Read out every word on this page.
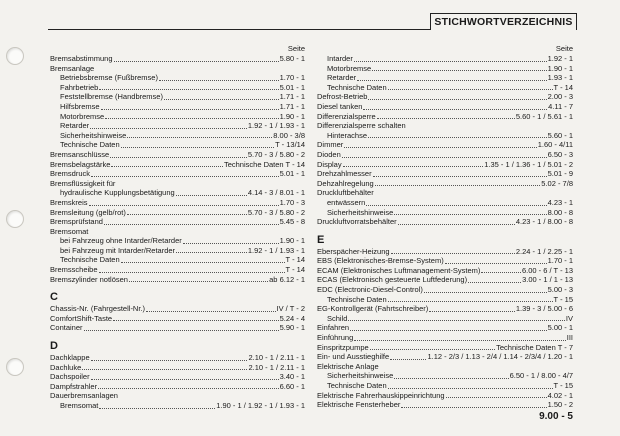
STICHWORTVERZEICHNIS
Seite
Bremsabstimmung	5.80 - 1
Bremsanlage
Betriebsbremse (Fußbremse)	1.70 - 1
Fahrbetrieb	5.01 - 1
Feststellbremse (Handbremse)	1.71 - 1
Hilfsbremse	1.71 - 1
Motorbremse	1.90 - 1
Retarder	1.92 - 1 / 1.93 - 1
Sicherheitshinweise	8.00 - 3/8
Technische Daten	T - 13/14
Bremsanschlüsse	5.70 - 3 / 5.80 - 2
Bremsbelagstärke	Technische Daten T - 14
Bremsdruck	5.01 - 1
Bremsflüssigkeit für
hydraulische Kupplungsbetätigung	4.14 - 3 / 8.01 - 1
Bremskreis	1.70 - 3
Bremsleitung (gelb/rot)	5.70 - 3 / 5.80 - 2
Bremsprüfstand	5.45 - 8
Bremsomat
bei Fahrzeug ohne Intarder/Retarder	1.90 - 1
bei Fahrzeug mit Intarder/Retarder	1.92 - 1 / 1.93 - 1
Technische Daten	T - 14
Bremsscheibe	T - 14
Bremszylinder notlösen	ab 6.12 - 1
C
Chassis-Nr. (Fahrgestell-Nr.)	IV / T - 2
ComfortShift-Taste	5.24 - 4
Container	5.90 - 1
D
Dachklappe	2.10 - 1 / 2.11 - 1
Dachluke	2.10 - 1 / 2.11 - 1
Dachspoiler	3.40 - 1
Dampfstrahler	6.60 - 1
Dauerbremsanlagen
Bremsomat	1.90 - 1 / 1.92 - 1 / 1.93 - 1
Seite
Intarder	1.92 - 1
Motorbremse	1.90 - 1
Retarder	1.93 - 1
Technische Daten	T - 14
Defrost-Betrieb	2.00 - 3
Diesel tanken	4.11 - 7
Differenzialsperre	5.60 - 1 / 5.61 - 1
Differenzialsperre schalten
Hinterachse	5.60 - 1
Dimmer	1.60 - 4/11
Dioden	6.50 - 3
Display	1.35 - 1 / 1.36 - 1 / 5.01 - 2
Drehzahlmesser	5.01 - 9
Dehzahlregelung	5.02 - 7/8
Druckluftbehälter
entwässern	4.23 - 1
Sicherheitshinweise	8.00 - 8
Druckluftvorratsbehälter	4.23 - 1 / 8.00 - 8
E
Eberspächer-Heizung	2.24 - 1 / 2.25 - 1
EBS (Elektronisches-Bremse-System)	1.70 - 1
ECAM (Elektronisches Luftmanagement-System)	6.00 - 6 / T - 13
ECAS (Elektronisch gesteuerte Luftfederung)	3.00 - 1 / 1 - 13
EDC (Electronic-Diesel-Control)	5.00 - 3
Technische Daten	T - 15
EG-Kontrollgerät (Fahrtschreiber)	1.39 - 3 / 5.00 - 6
Schild	IV
Einfahren	5.00 - 1
Einführung	III
Einspritzpumpe	Technische Daten T - 7
Ein- und Ausstieghilfe	1.12 - 2/3 / 1.13 - 2/4 / 1.14 - 2/3/4 / 1.20 - 1
Elektrische Anlage
Sicherheitshinweise	6.50 - 1 / 8.00 - 4/7
Technische Daten	T - 15
Elektrische Fahrerhauskippeinrichtung	4.02 - 1
Elektrische Fensterheber	1.50 - 2
9.00 - 5
